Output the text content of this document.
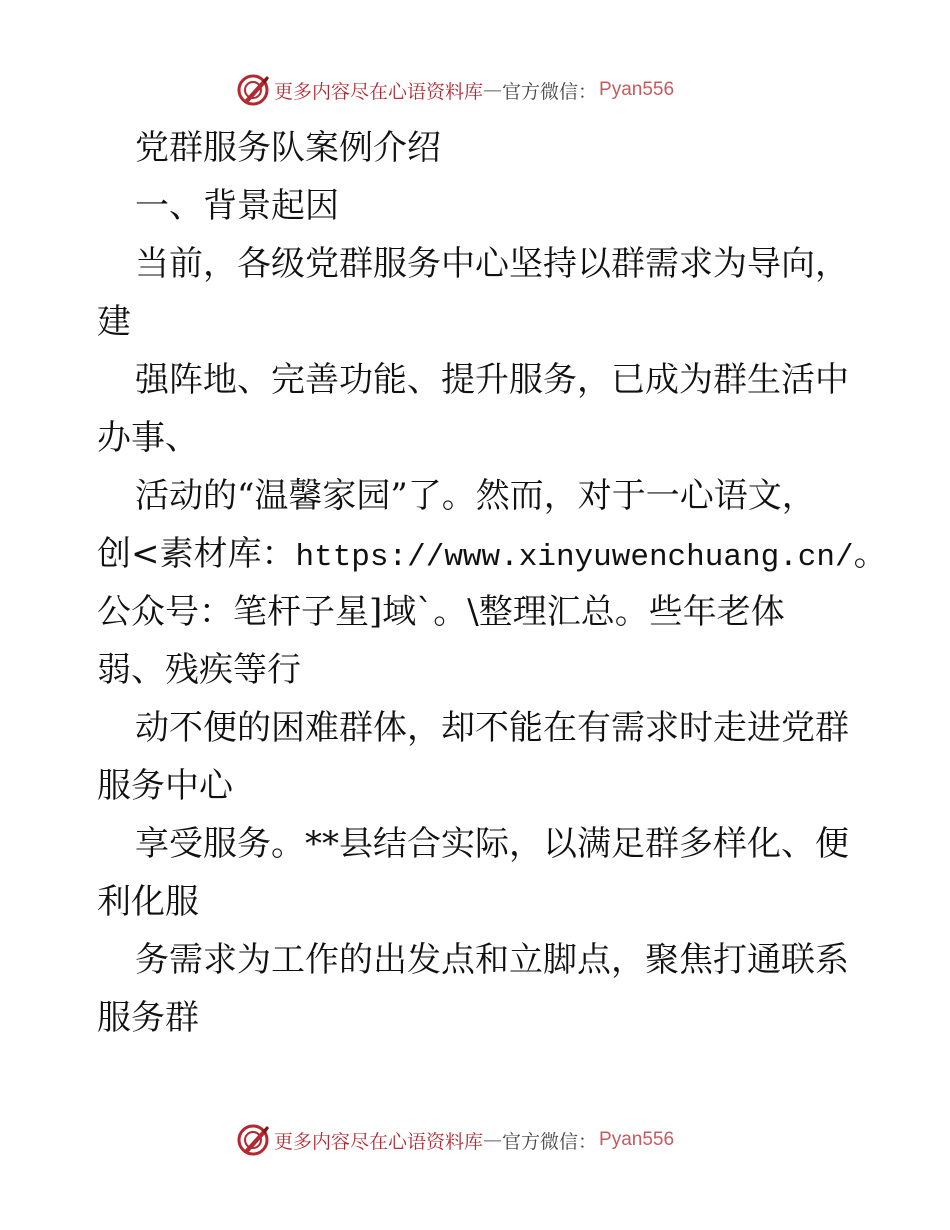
更多内容尽在心语资料库 — 官方微信： Pyan556
党群服务队案例介绍
一、背景起因
当前，各级党群服务中心坚持以群需求为导向，
建
强阵地、完善功能、提升服务，已成为群生活中
办事、
活动的“温馨家园”了。然而，对于一心语文，
创<素材库：https://www.xinyuwenchuang.cn/。
公众号：笔杆子星]域`。\整理汇总。些年老体
弱、残疾等行
动不便的困难群体，却不能在有需求时走进党群
服务中心
享受服务。**县结合实际，以满足群多样化、便
利化服
务需求为工作的出发点和立脚点，聚焦打通联系
服务群
更多内容尽在心语资料库 — 官方微信： Pyan556
